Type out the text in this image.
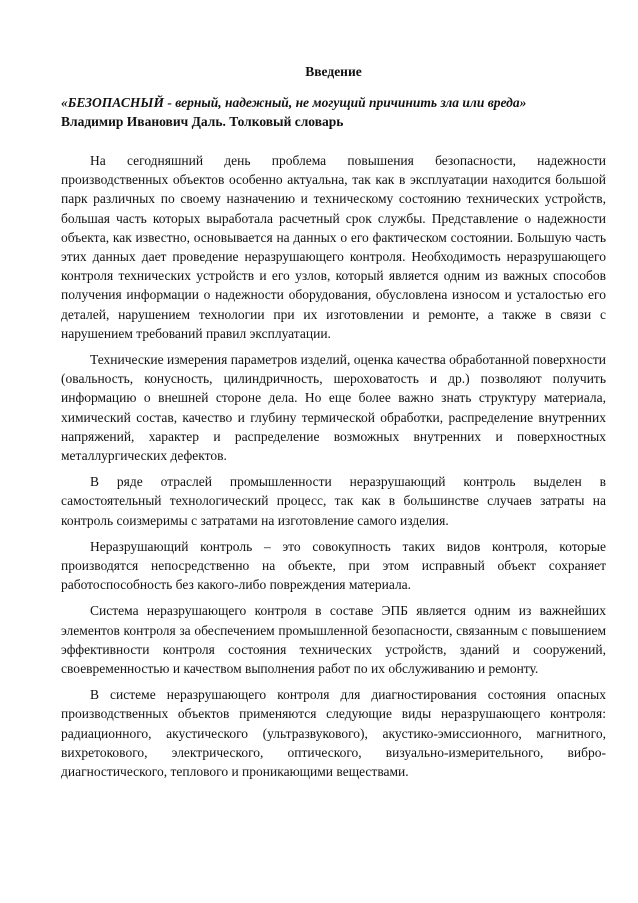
Введение
«БЕЗОПАСНЫЙ - верный, надежный, не могущий причинить зла или вреда»
Владимир Иванович Даль. Толковый словарь

На сегодняшний день проблема повышения безопасности, надежности производственных объектов особенно актуальна, так как в эксплуатации находится большой парк различных по своему назначению и техническому состоянию технических устройств, большая часть которых выработала расчетный срок службы. Представление о надежности объекта, как известно, основывается на данных о его фактическом состоянии. Большую часть этих данных дает проведение неразрушающего контроля. Необходимость неразрушающего контроля технических устройств и его узлов, который является одним из важных способов получения информации о надежности оборудования, обусловлена износом и усталостью его деталей, нарушением технологии при их изготовлении и ремонте, а также в связи с нарушением требований правил эксплуатации.

Технические измерения параметров изделий, оценка качества обработанной поверхности (овальность, конусность, цилиндричность, шероховатость и др.) позволяют получить информацию о внешней стороне дела. Но еще более важно знать структуру материала, химический состав, качество и глубину термической обработки, распределение внутренних напряжений, характер и распределение возможных внутренних и поверхностных металлургических дефектов.

В ряде отраслей промышленности неразрушающий контроль выделен в самостоятельный технологический процесс, так как в большинстве случаев затраты на контроль соизмеримы с затратами на изготовление самого изделия.

Неразрушающий контроль – это совокупность таких видов контроля, которые производятся непосредственно на объекте, при этом исправный объект сохраняет работоспособность без какого-либо повреждения материала.

Система неразрушающего контроля в составе ЭПБ является одним из важнейших элементов контроля за обеспечением промышленной безопасности, связанным с повышением эффективности контроля состояния технических устройств, зданий и сооружений, своевременностью и качеством выполнения работ по их обслуживанию и ремонту.

В системе неразрушающего контроля для диагностирования состояния опасных производственных объектов применяются следующие виды неразрушающего контроля: радиационного, акустического (ультразвукового), акустико-эмиссионного, магнитного, вихретокового, электрического, оптического, визуально-измерительного, вибро-диагностического, теплового и проникающими веществами.
